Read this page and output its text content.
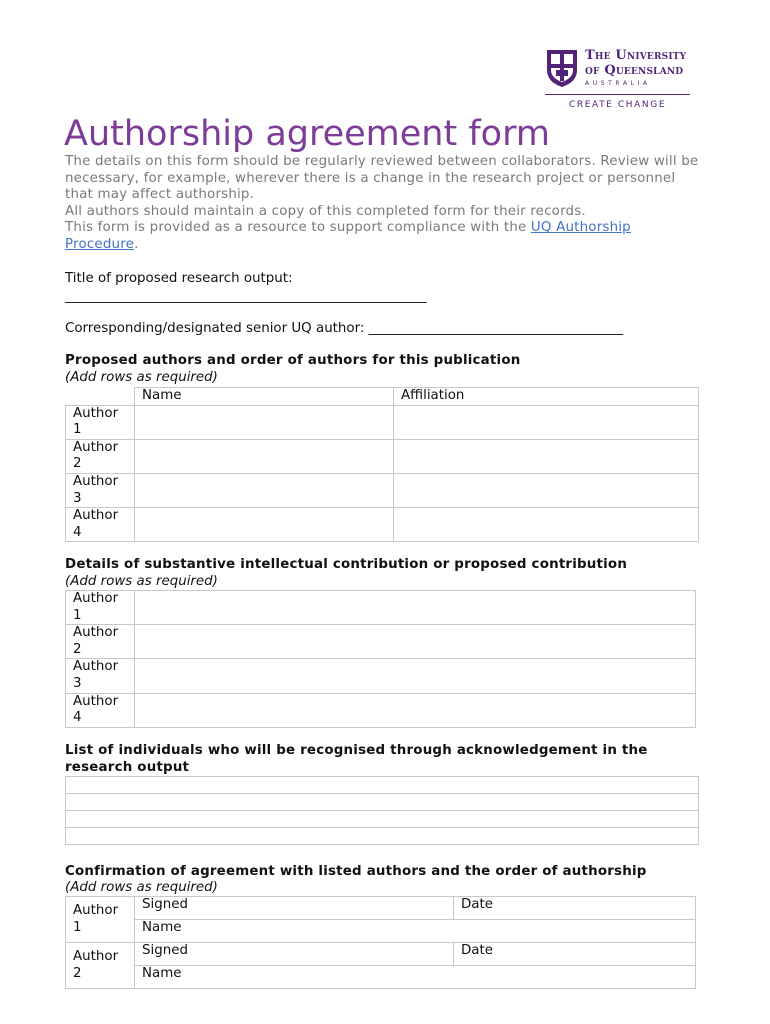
The University
of Queensland
AUSTRALIA
CREATE CHANGE
Authorship agreement form

The details on this form should be regularly reviewed between collaborators. Review will be necessary, for example, wherever there is a change in the research project or personnel that may affect authorship.

All authors should maintain a copy of this completed form for their records.

This form is provided as a resource to support compliance with the UQ Authorship Procedure.

Title of proposed research output:
______________________________________________________
Corresponding/designated senior UQ author: ______________________________________
Proposed authors and order of authors for this publication
(Add rows as required)
	Name	Affiliation
Author 1		
Author 2		
Author 3		
Author 4		
Details of substantive intellectual contribution or proposed contribution
(Add rows as required)
Author 1	
Author 2	
Author 3	
Author 4	
List of individuals who will be recognised through acknowledgement in the research output

Confirmation of agreement with listed authors and the order of authorship
(Add rows as required)
Author 1	Signed	Date
	Name	
Author 2	Signed	Date
	Name	
